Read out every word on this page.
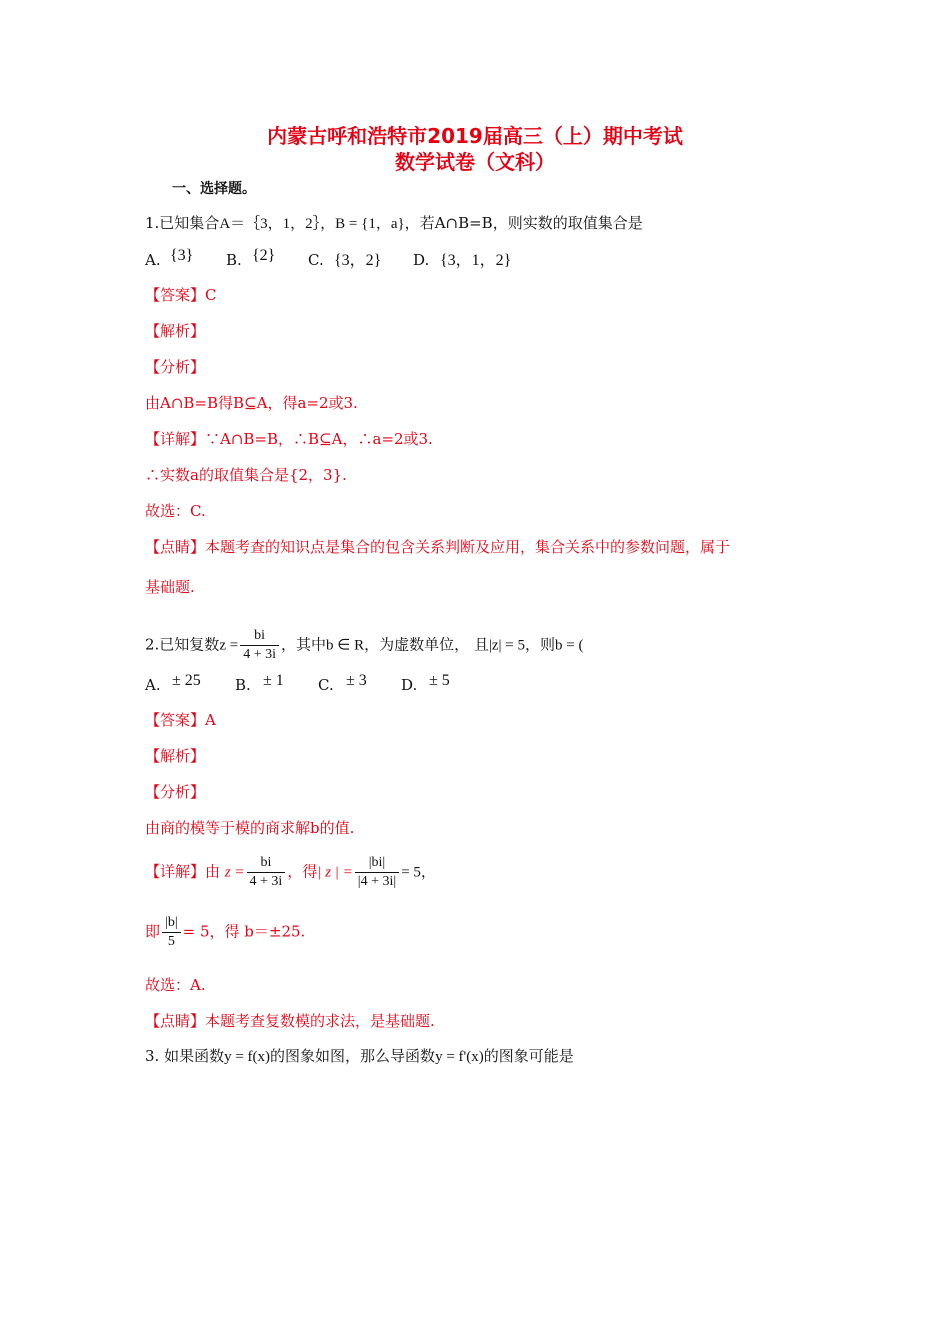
内蒙古呼和浩特市2019届高三（上）期中考试
数学试卷（文科）
一、选择题。
1.已知集合A＝｛3，1，2｝，B = {1，a}，若A∩B=B，则实数的取值集合是
A. {3} B. {2} C. {3，2} D. {3，1，2}
【答案】C
【解析】
【分析】
由A∩B=B得B⊆A，得a=2或3.
【详解】∵A∩B=B，∴B⊆A，∴a=2或3.
∴实数a的取值集合是{2，3}.
故选：C.
【点睛】本题考查的知识点是集合的包含关系判断及应用，集合关系中的参数问题，属于
基础题.
2.已知复数$z = \frac{bi}{4 + 3i}$ ，其中b ∈ R，为虚数单位， 且|z| = 5，则b = (
A. ± 25 B. ± 1 C. ± 3 D. ± 5
【答案】A
【解析】
【分析】
由商的模等于模的商求解b的值.
【详解】由 $z = \frac{bi}{4 + 3i}$ ，得| z | = $\frac{|bi|}{|4 + 3i|} = 5$，
即 $\frac{|b|}{5} = 5$，得 b＝±25.
故选：A.
【点睛】本题考查复数模的求法，是基础题.
3. 如果函数y = f(x)的图象如图，那么导函数y = f'(x)的图象可能是
